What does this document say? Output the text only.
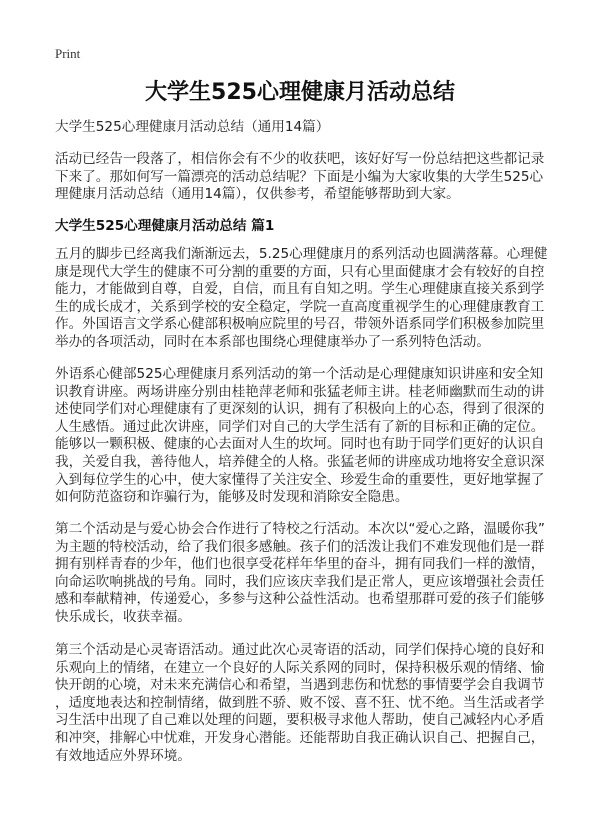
Print
大学生525心理健康月活动总结
大学生525心理健康月活动总结（通用14篇）
活动已经告一段落了，相信你会有不少的收获吧，该好好写一份总结把这些都记录
下来了。那如何写一篇漂亮的活动总结呢？下面是小编为大家收集的大学生525心
理健康月活动总结（通用14篇），仅供参考，希望能够帮助到大家。
大学生525心理健康月活动总结 篇1
五月的脚步已经离我们渐渐远去，5.25心理健康月的系列活动也圆满落幕。心理健
康是现代大学生的健康不可分割的重要的方面，只有心里面健康才会有较好的自控
能力，才能做到自尊，自爱，自信，而且有自知之明。学生心理健康直接关系到学
生的成长成才，关系到学校的安全稳定，学院一直高度重视学生的心理健康教育工
作。外国语言文学系心健部积极响应院里的号召，带领外语系同学们积极参加院里
举办的各项活动，同时在本系部也围绕心理健康举办了一系列特色活动。
外语系心健部525心理健康月系列活动的第一个活动是心理健康知识讲座和安全知
识教育讲座。两场讲座分别由桂艳萍老师和张猛老师主讲。桂老师幽默而生动的讲
述使同学们对心理健康有了更深刻的认识，拥有了积极向上的心态，得到了很深的
人生感悟。通过此次讲座，同学们对自己的大学生活有了新的目标和正确的定位。
能够以一颗积极、健康的心去面对人生的坎坷。同时也有助于同学们更好的认识自
我，关爱自我，善待他人，培养健全的人格。张猛老师的讲座成功地将安全意识深
入到每位学生的心中，使大家懂得了关注安全、珍爱生命的重要性，更好地掌握了
如何防范盗窃和诈骗行为，能够及时发现和消除安全隐患。
第二个活动是与爱心协会合作进行了特校之行活动。本次以“爱心之路，温暖你我”
为主题的特校活动，给了我们很多感触。孩子们的活泼让我们不难发现他们是一群
拥有别样青春的少年，他们也很享受花样年华里的奋斗，拥有同我们一样的激情，
向命运吹响挑战的号角。同时，我们应该庆幸我们是正常人，更应该增强社会责任
感和奉献精神，传递爱心，多参与这种公益性活动。也希望那群可爱的孩子们能够
快乐成长，收获幸福。
第三个活动是心灵寄语活动。通过此次心灵寄语的活动，同学们保持心境的良好和
乐观向上的情绪，在建立一个良好的人际关系网的同时，保持积极乐观的情绪、愉
快开朗的心境，对未来充满信心和希望，当遇到悲伤和忧愁的事情要学会自我调节
，适度地表达和控制情绪，做到胜不骄、败不馁、喜不狂、忧不绝。当生活或者学
习生活中出现了自己难以处理的问题，要积极寻求他人帮助，使自己减轻内心矛盾
和冲突，排解心中忧难，开发身心潜能。还能帮助自我正确认识自己、把握自己，
有效地适应外界环境。
